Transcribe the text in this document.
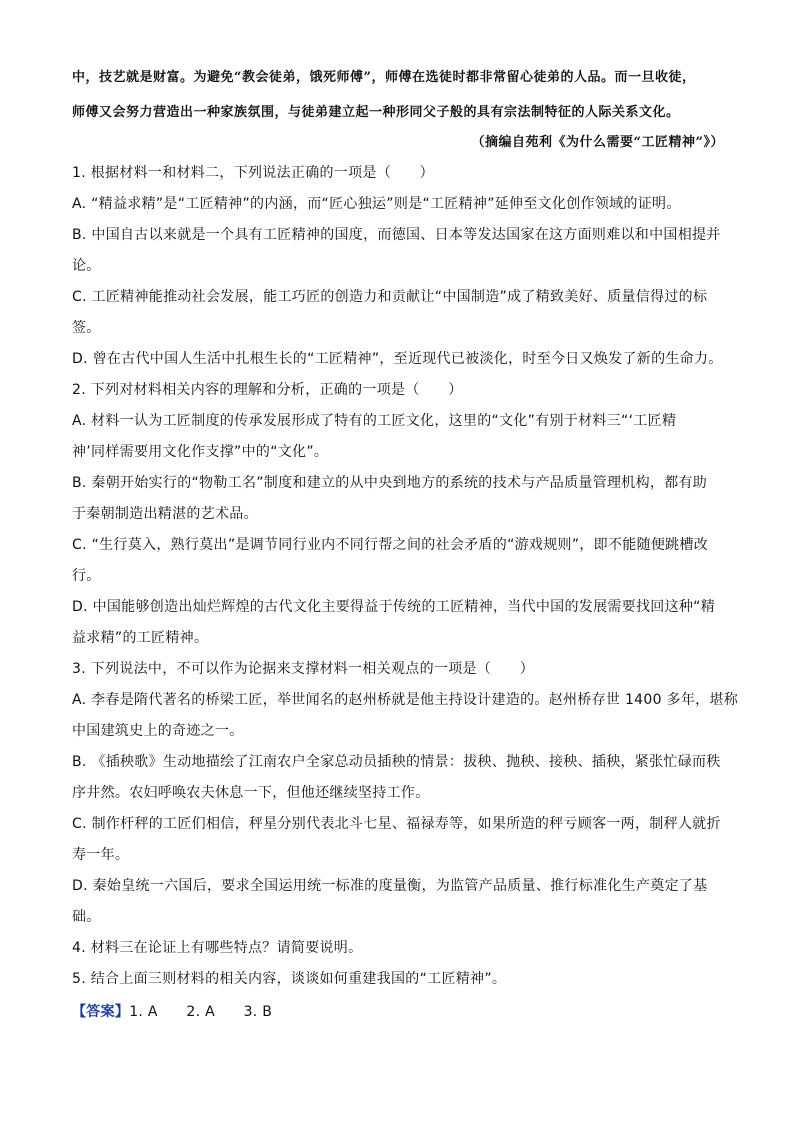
中，技艺就是财富。为避免“教会徒弟，饿死师傅”，师傅在选徒时都非常留心徒弟的人品。而一旦收徒，
师傅又会努力营造出一种家族氛围，与徒弟建立起一种形同父子般的具有宗法制特征的人际关系文化。
（摘编自苑利《为什么需要“工匠精神”》）
1. 根据材料一和材料二，下列说法正确的一项是（　　）
A. “精益求精”是“工匠精神”的内涵，而“匠心独运”则是“工匠精神”延伸至文化创作领域的证明。
B. 中国自古以来就是一个具有工匠精神的国度，而德国、日本等发达国家在这方面则难以和中国相提并
论。
C. 工匠精神能推动社会发展，能工巧匠的创造力和贡献让“中国制造”成了精致美好、质量信得过的标
签。
D. 曾在古代中国人生活中扎根生长的“工匠精神”，至近现代已被淡化，时至今日又焕发了新的生命力。
2. 下列对材料相关内容的理解和分析，正确的一项是（　　）
A. 材料一认为工匠制度的传承发展形成了特有的工匠文化，这里的“文化”有别于材料三“‘工匠精
神’同样需要用文化作支撑”中的“文化”。
B. 秦朝开始实行的“物勒工名”制度和建立的从中央到地方的系统的技术与产品质量管理机构，都有助
于秦朝制造出精湛的艺术品。
C. “生行莫入，熟行莫出”是调节同行业内不同行帮之间的社会矛盾的“游戏规则”，即不能随便跳槽改
行。
D. 中国能够创造出灿烂辉煌的古代文化主要得益于传统的工匠精神，当代中国的发展需要找回这种“精
益求精”的工匠精神。
3. 下列说法中，不可以作为论据来支撑材料一相关观点的一项是（　　）
A. 李春是隋代著名的桥梁工匠，举世闻名的赵州桥就是他主持设计建造的。赵州桥存世 1400 多年，堪称
中国建筑史上的奇迹之一。
B. 《插秧歌》生动地描绘了江南农户全家总动员插秧的情景：拔秧、抛秧、接秧、插秧，紧张忙碌而秩
序井然。农妇呼唤农夫休息一下，但他还继续坚持工作。
C. 制作杆秤的工匠们相信，秤星分别代表北斗七星、福禄寿等，如果所造的秤亏顾客一两，制秤人就折
寿一年。
D. 秦始皇统一六国后，要求全国运用统一标准的度量衡，为监管产品质量、推行标准化生产奠定了基
础。
4. 材料三在论证上有哪些特点？请简要说明。
5. 结合上面三则材料的相关内容，谈谈如何重建我国的“工匠精神”。
【答案】1. A　　2. A　　3. B
